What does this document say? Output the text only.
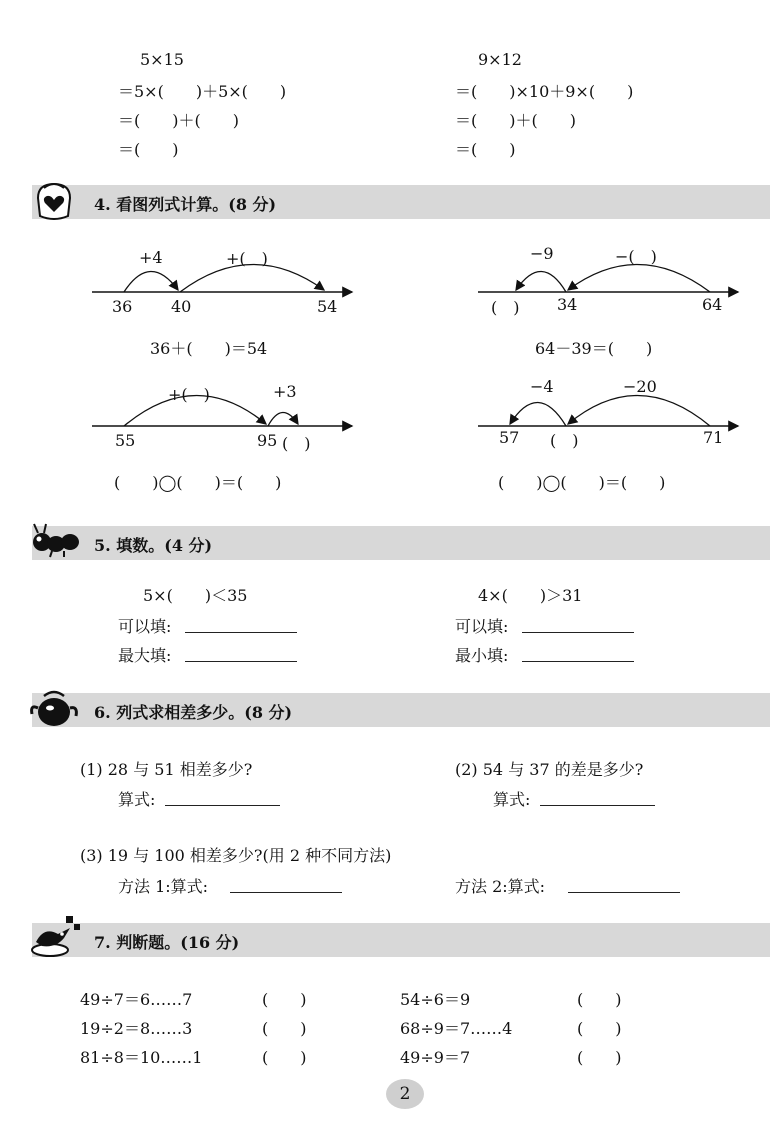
5×15
＝5×(　　)＋5×(　　)
＝(　　)＋(　　)
＝(　　)
9×12
＝(　　)×10＋9×(　　)
＝(　　)＋(　　)
＝(　　)
4. 看图列式计算。(8 分)
+4	+(　)
36 40	54
36＋(　　)＝54
−9	−(　)
(　) 34	64
64－39＝(　　)
+(　)	+3
55	95 (　)
(　　)◯(　　)＝(　　)
−4	−20
57 (　)	71
(　　)◯(　　)＝(　　)
5. 填数。(4 分)
5×(　　)＜35
可以填:
最大填:
4×(　　)＞31
可以填:
最小填:
6. 列式求相差多少。(8 分)
(1) 28 与 51 相差多少?
算式:
(2) 54 与 37 的差是多少?
算式:
(3) 19 与 100 相差多少?(用 2 种不同方法)
方法 1:算式:	方法 2:算式:
7. 判断题。(16 分)
49÷7＝6……7	(　　)
19÷2＝8……3	(　　)
81÷8＝10……1	(　　)
54÷6＝9	(　　)
68÷9＝7……4	(　　)
49÷9＝7	(　　)
2
